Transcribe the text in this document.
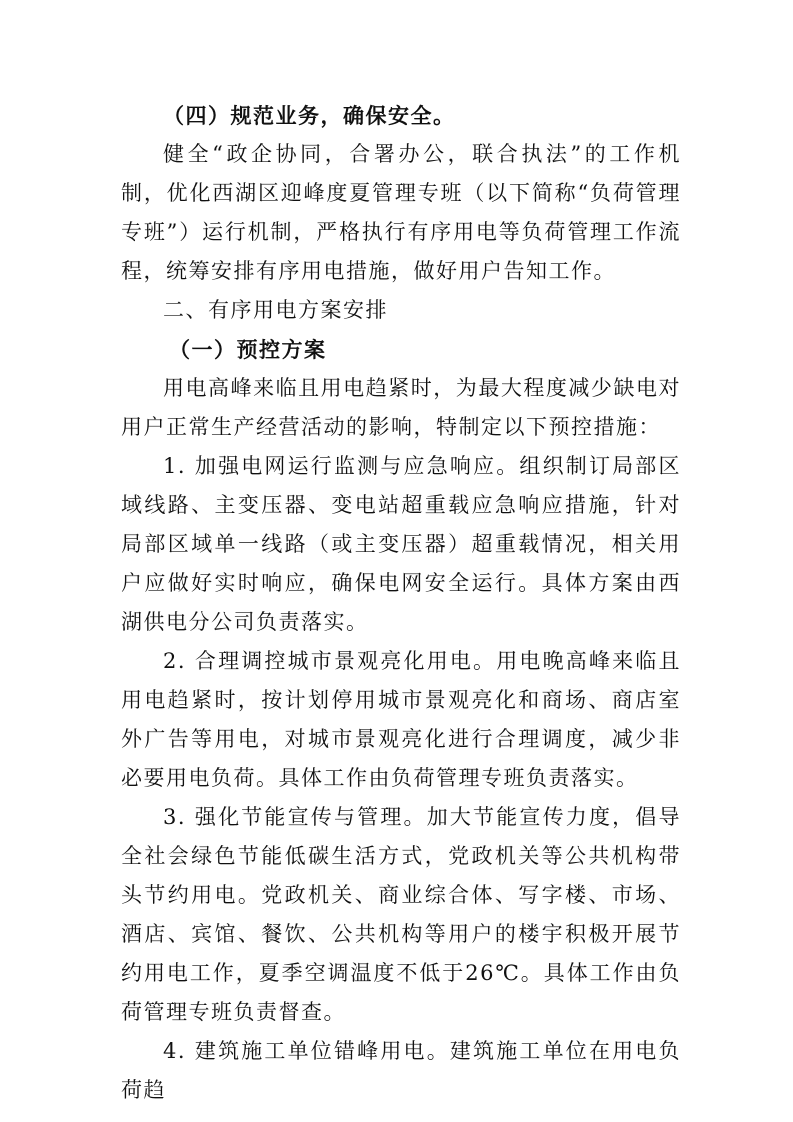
（四）规范业务，确保安全。

健全“政企协同，合署办公，联合执法”的工作机制，优化西湖区迎峰度夏管理专班（以下简称“负荷管理专班”）运行机制，严格执行有序用电等负荷管理工作流程，统筹安排有序用电措施，做好用户告知工作。

二、有序用电方案安排

（一）预控方案

用电高峰来临且用电趋紧时，为最大程度减少缺电对用户正常生产经营活动的影响，特制定以下预控措施：

1. 加强电网运行监测与应急响应。组织制订局部区域线路、主变压器、变电站超重载应急响应措施，针对局部区域单一线路（或主变压器）超重载情况，相关用户应做好实时响应，确保电网安全运行。具体方案由西湖供电分公司负责落实。

2. 合理调控城市景观亮化用电。用电晚高峰来临且用电趋紧时，按计划停用城市景观亮化和商场、商店室外广告等用电，对城市景观亮化进行合理调度，减少非必要用电负荷。具体工作由负荷管理专班负责落实。

3. 强化节能宣传与管理。加大节能宣传力度，倡导全社会绿色节能低碳生活方式，党政机关等公共机构带头节约用电。党政机关、商业综合体、写字楼、市场、酒店、宾馆、餐饮、公共机构等用户的楼宇积极开展节约用电工作，夏季空调温度不低于26℃。具体工作由负荷管理专班负责督查。

4. 建筑施工单位错峰用电。建筑施工单位在用电负荷趋
